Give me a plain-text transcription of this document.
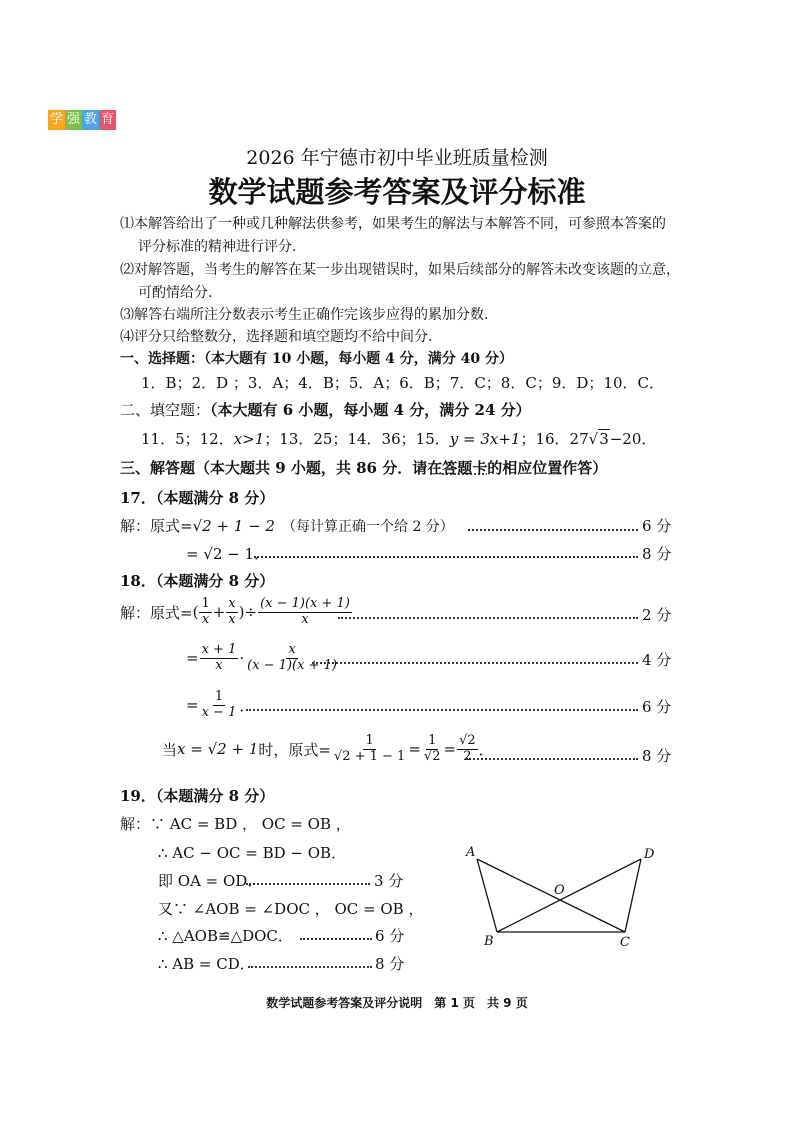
学 强 教 育
2026 年宁德市初中毕业班质量检测
数学试题参考答案及评分标准
⑴本解答给出了一种或几种解法供参考，如果考生的解法与本解答不同，可参照本答案的
评分标准的精神进行评分.
⑵对解答题，当考生的解答在某一步出现错误时，如果后续部分的解答未改变该题的立意，
可酌情给分.
⑶解答右端所注分数表示考生正确作完该步应得的累加分数.
⑷评分只给整数分，选择题和填空题均不给中间分.
一、选择题：（本大题有 10 小题，每小题 4 分，满分 40 分）
1．B；2．D ；3．A；4．B；5．A；6．B；7．C；8．C；9．D；10．C．
二、填空题：（本大题有 6 小题，每小题 4 分，满分 24 分）
11．5；12．x>1；13．25；14．36；15．y = 3x+1；16．27√3−20．
三、解答题（本大题共 9 小题，共 86 分．请在答题卡的相应位置作答）
17．（本题满分 8 分）
解：原式=√2 + 1 − 2 （每计算正确一个给 2 分）	6 分
= √2 − 1．	8 分
18．（本题满分 8 分）
解：原式= ( $\frac{1}{x} + \frac{x}{x}$ ) ÷ $\frac{(x - 1)(x + 1)}{x}$	2 分
= $\frac{x + 1}{x} \cdot \frac{x}{(x - 1)(x + 1)}$	4 分
= $\frac{1}{x - 1}$ ．	6 分
当 x = √2 + 1 时，原式= $\frac{1}{√2 + 1 - 1} = \frac{1}{√2} = \frac{√2}{2}$ ．	8 分
19．（本题满分 8 分）
解：∵ AC = BD ， OC = OB ，
∴ AC − OC = BD − OB．
即 OA = OD．	3 分
又∵ ∠AOB = ∠DOC ， OC = OB ，
∴ △AOB≌△DOC．	6 分
∴ AB = CD．	8 分
A	D
O
B	C
数学试题参考答案及评分说明　第 1 页　共 9 页
